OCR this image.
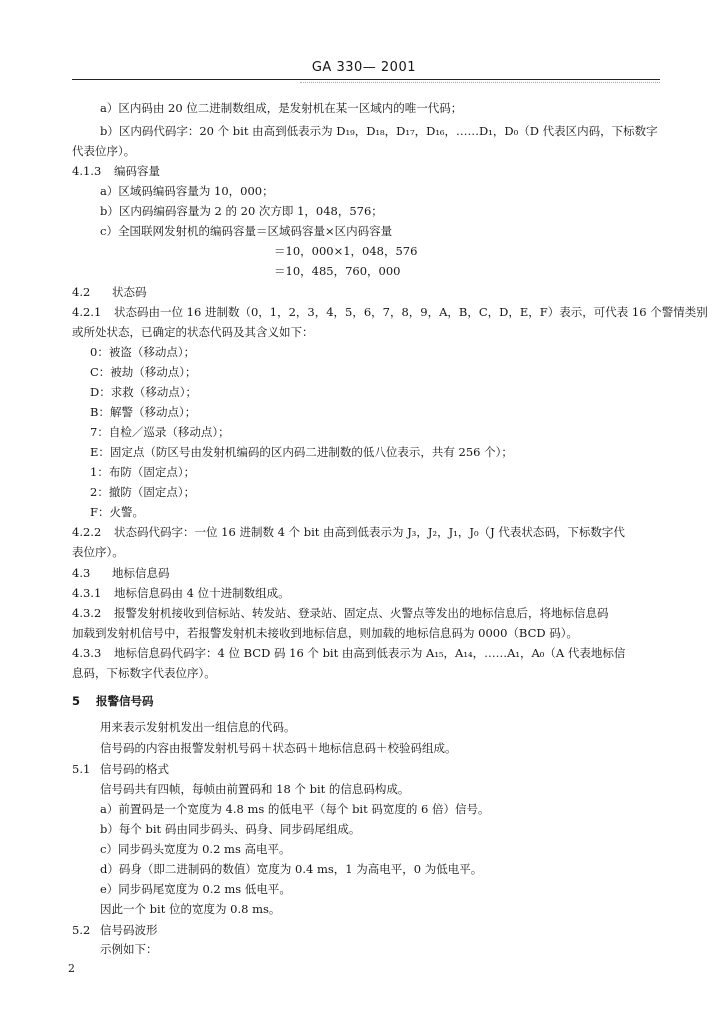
GA 330— 2001
a）区内码由 20 位二进制数组成，是发射机在某一区域内的唯一代码；
b）区内码代码字：20 个 bit 由高到低表示为 D₁₉，D₁₈，D₁₇，D₁₆，……D₁，D₀（D 代表区内码，下标数字
代表位序）。
4.1.3 编码容量
a）区域码编码容量为 10，000；
b）区内码编码容量为 2 的 20 次方即 1，048，576；
c）全国联网发射机的编码容量＝区域码容量×区内码容量
＝10，000×1，048，576
＝10，485，760，000
4.2 状态码
4.2.1 状态码由一位 16 进制数（0，1，2，3，4，5，6，7，8，9，A，B，C，D，E，F）表示，可代表 16 个警情类别
或所处状态，已确定的状态代码及其含义如下：
0：被盗（移动点）；
C：被劫（移动点）；
D：求救（移动点）；
B：解警（移动点）；
7：自检／巡录（移动点）；
E：固定点（防区号由发射机编码的区内码二进制数的低八位表示，共有 256 个）；
1：布防（固定点）；
2：撤防（固定点）；
F：火警。
4.2.2 状态码代码字：一位 16 进制数 4 个 bit 由高到低表示为 J₃，J₂，J₁，J₀（J 代表状态码，下标数字代
表位序）。
4.3 地标信息码
4.3.1 地标信息码由 4 位十进制数组成。
4.3.2 报警发射机接收到信标站、转发站、登录站、固定点、火警点等发出的地标信息后，将地标信息码
加载到发射机信号中，若报警发射机未接收到地标信息，则加载的地标信息码为 0000（BCD 码）。
4.3.3 地标信息码代码字：4 位 BCD 码 16 个 bit 由高到低表示为 A₁₅，A₁₄，……A₁，A₀（A 代表地标信
息码，下标数字代表位序）。
5 报警信号码
用来表示发射机发出一组信息的代码。
信号码的内容由报警发射机号码＋状态码＋地标信息码＋校验码组成。
5.1 信号码的格式
信号码共有四帧，每帧由前置码和 18 个 bit 的信息码构成。
a）前置码是一个宽度为 4.8 ms 的低电平（每个 bit 码宽度的 6 倍）信号。
b）每个 bit 码由同步码头、码身、同步码尾组成。
c）同步码头宽度为 0.2 ms 高电平。
d）码身（即二进制码的数值）宽度为 0.4 ms，1 为高电平，0 为低电平。
e）同步码尾宽度为 0.2 ms 低电平。
因此一个 bit 位的宽度为 0.8 ms。
5.2 信号码波形
示例如下：
2
